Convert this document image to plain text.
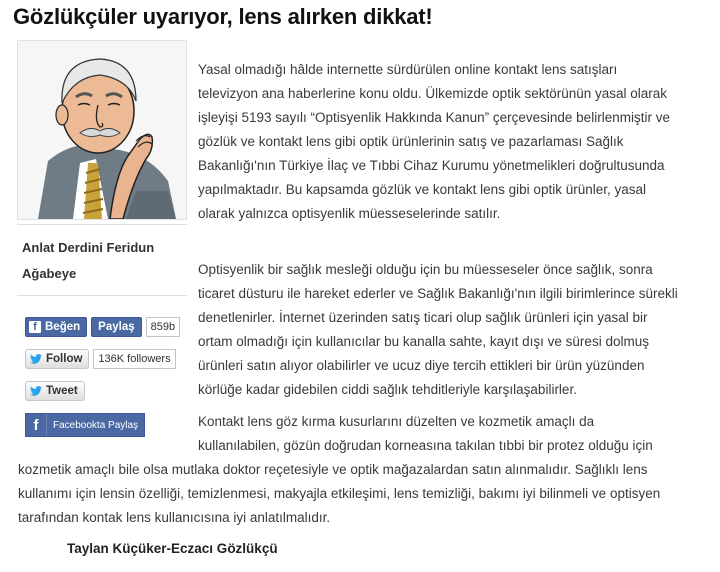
Gözlükçüler uyarıyor, lens alırken dikkat!
Anlat Derdini Feridun
Ağabeye
f Beğen Paylaş	859b
Follow	136K followers
Tweet
f	Facebookta Paylaş
Yasal olmadığı hâlde internette sürdürülen online kontakt lens satışları
televizyon ana haberlerine konu oldu. Ülkemizde optik sektörünün yasal olarak
işleyişi 5193 sayılı “Optisyenlik Hakkında Kanun” çerçevesinde belirlenmiştir ve
gözlük ve kontakt lens gibi optik ürünlerinin satış ve pazarlaması Sağlık
Bakanlığı'nın Türkiye İlaç ve Tıbbi Cihaz Kurumu yönetmelikleri doğrultusunda
yapılmaktadır. Bu kapsamda gözlük ve kontakt lens gibi optik ürünler, yasal
olarak yalnızca optisyenlik müesseselerinde satılır.
Optisyenlik bir sağlık mesleği olduğu için bu müesseseler önce sağlık, sonra
ticaret düsturu ile hareket ederler ve Sağlık Bakanlığı'nın ilgili birimlerince sürekli
denetlenirler. İnternet üzerinden satış ticari olup sağlık ürünleri için yasal bir
ortam olmadığı için kullanıcılar bu kanalla sahte, kayıt dışı ve süresi dolmuş
ürünleri satın alıyor olabilirler ve ucuz diye tercih ettikleri bir ürün yüzünden
körlüğe kadar gidebilen ciddi sağlık tehditleriyle karşılaşabilirler.
Kontakt lens göz kırma kusurlarını düzelten ve kozmetik amaçlı da
kullanılabilen, gözün doğrudan korneasına takılan tıbbi bir protez olduğu için
kozmetik amaçlı bile olsa mutlaka doktor reçetesiyle ve optik mağazalardan satın alınmalıdır. Sağlıklı lens
kullanımı için lensin özelliği, temizlenmesi, makyajla etkileşimi, lens temizliği, bakımı iyi bilinmeli ve optisyen
tarafından kontak lens kullanıcısına iyi anlatılmalıdır.
Taylan Küçüker-Eczacı Gözlükçü
